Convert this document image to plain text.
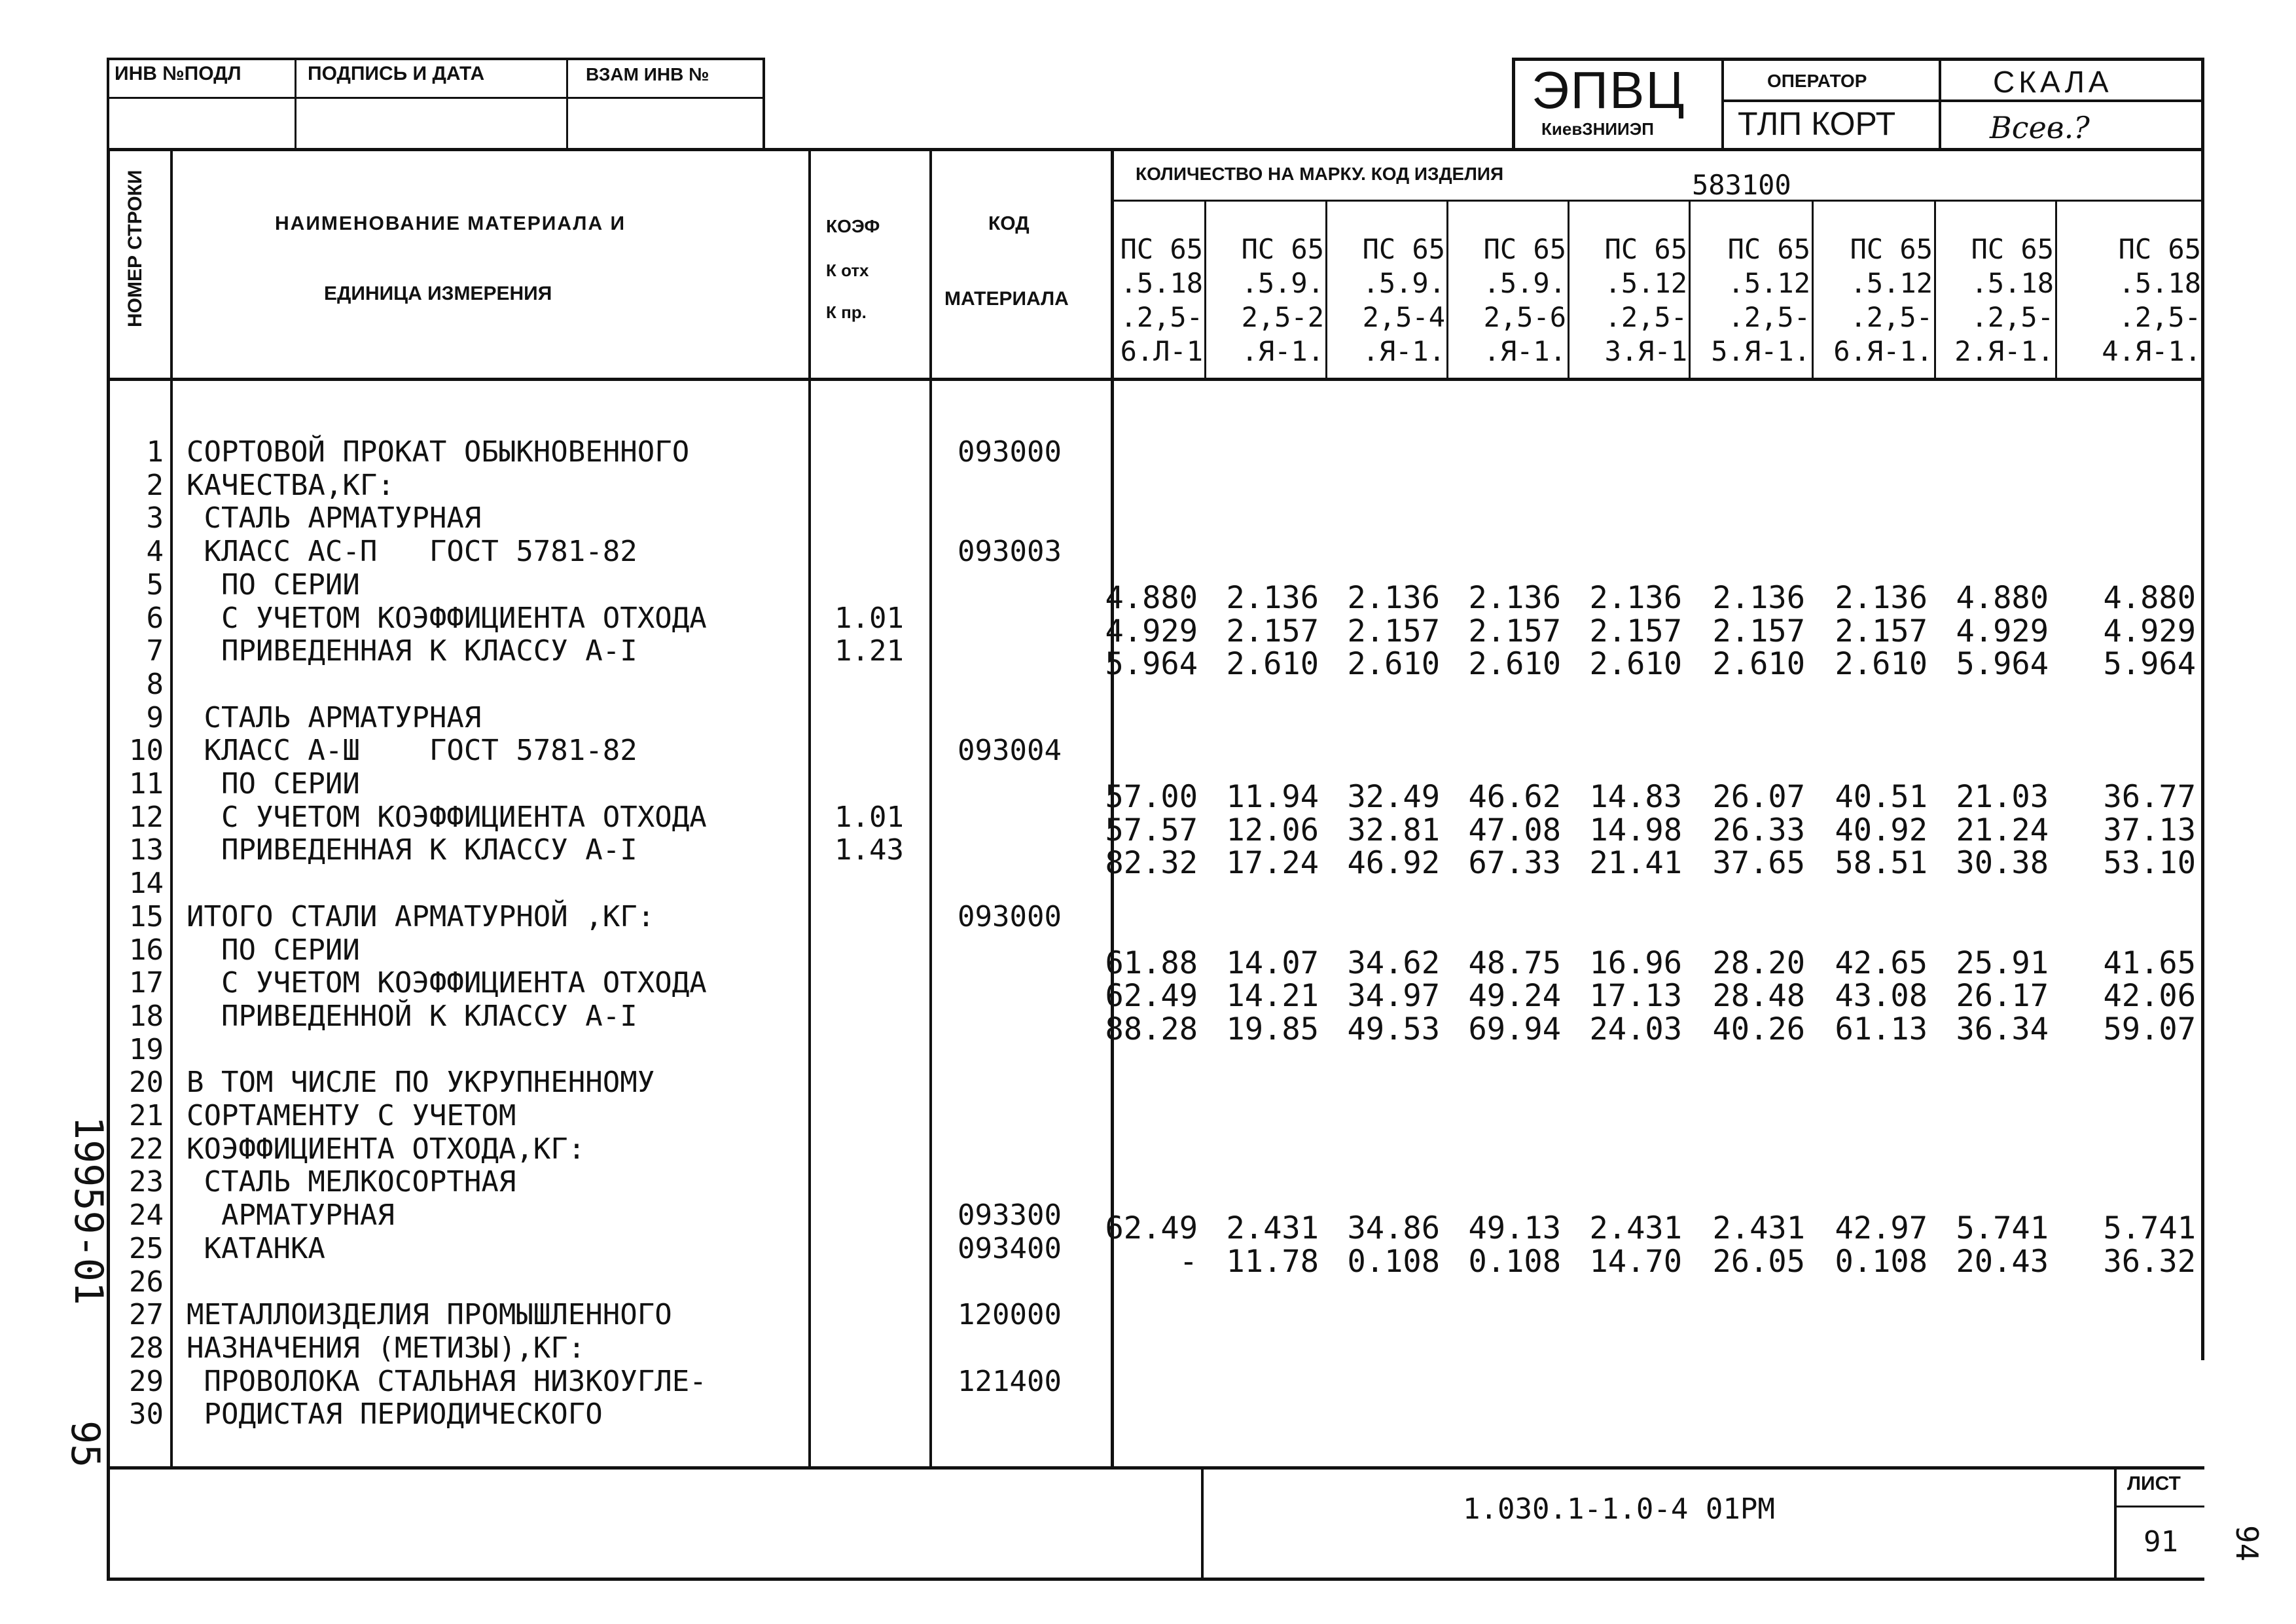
ИНВ №ПОДЛ	ПОДПИСЬ И ДАТА	ВЗАМ ИНВ №	ЭПВЦ
КиевЗНИИЭП
ОПЕРАТОР
ТЛП КОРТ
СКАЛА
Всев.?
НОМЕР СТРОКИ	НАИМЕНОВАНИЕ МАТЕРИАЛА И
ЕДИНИЦА ИЗМЕРЕНИЯ
КОЭФ
К отх
К пр.
КОД
МАТЕРИАЛА
КОЛИЧЕСТВО НА МАРКУ. КОД ИЗДЕЛИЯ	583100
ПС 65
.5.18
.2,5-
6.Л-1
ПС 65
.5.9.
2,5-2
.Я-1.
ПС 65
.5.9.
2,5-4
.Я-1.
ПС 65
.5.9.
2,5-6
.Я-1.
ПС 65
.5.12
.2,5-
3.Я-1
ПС 65
.5.12
.2,5-
5.Я-1.
ПС 65
.5.12
.2,5-
6.Я-1.
ПС 65
.5.18
.2,5-
2.Я-1.
ПС 65
.5.18
.2,5-
4.Я-1.
1 СОРТОВОЙ ПРОКАТ ОБЫКНОВЕННОГО	093000
2 КАЧЕСТВА,КГ:
3 СТАЛЬ АРМАТУРНАЯ
4 КЛАСС АС-П   ГОСТ 5781-82	093003
5 ПО СЕРИИ	4.880 2.136 2.136 2.136 2.136 2.136 2.136 4.880	4.880
6 С УЧЕТОМ КОЭФФИЦИЕНТА ОТХОДА	1.01	4.929 2.157 2.157 2.157 2.157 2.157 2.157 4.929	4.929
7 ПРИВЕДЕННАЯ К КЛАССУ А-I	1.21	5.964 2.610 2.610 2.610 2.610 2.610 2.610 5.964	5.964
8
9 СТАЛЬ АРМАТУРНАЯ
10 КЛАСС А-Ш    ГОСТ 5781-82	093004
11 ПО СЕРИИ	57.00 11.94 32.49 46.62 14.83 26.07 40.51 21.03	36.77
12 С УЧЕТОМ КОЭФФИЦИЕНТА ОТХОДА	1.01	57.57 12.06 32.81 47.08 14.98 26.33 40.92 21.24	37.13
13 ПРИВЕДЕННАЯ К КЛАССУ А-I	1.43	82.32 17.24 46.92 67.33 21.41 37.65 58.51 30.38	53.10
14
15 ИТОГО СТАЛИ АРМАТУРНОЙ ,КГ:	093000
16 ПО СЕРИИ	61.88 14.07 34.62 48.75 16.96 28.20 42.65 25.91	41.65
17 С УЧЕТОМ КОЭФФИЦИЕНТА ОТХОДА	62.49 14.21 34.97 49.24 17.13 28.48 43.08 26.17	42.06
18 ПРИВЕДЕННОЙ К КЛАССУ А-I	88.28 19.85 49.53 69.94 24.03 40.26 61.13 36.34	59.07
19
20 В ТОМ ЧИСЛЕ ПО УКРУПНЕННОМУ
21 СОРТАМЕНТУ С УЧЕТОМ
22 КОЭФФИЦИЕНТА ОТХОДА,КГ:
23 СТАЛЬ МЕЛКОСОРТНАЯ
24 АРМАТУРНАЯ	093300	62.49 2.431 34.86 49.13 2.431 2.431 42.97 5.741	5.741
25 КАТАНКА	093400	- 11.78 0.108 0.108 14.70 26.05 0.108 20.43	36.32
26
27 МЕТАЛЛОИЗДЕЛИЯ ПРОМЫШЛЕННОГО	120000
28 НАЗНАЧЕНИЯ (МЕТИЗЫ),КГ:
29 ПРОВОЛОКА СТАЛЬНАЯ НИЗКОУГЛЕ-	121400
30 РОДИСТАЯ ПЕРИОДИЧЕСКОГО
1.030.1-1.0-4 01РМ
ЛИСТ
91 94
19959-01
95
